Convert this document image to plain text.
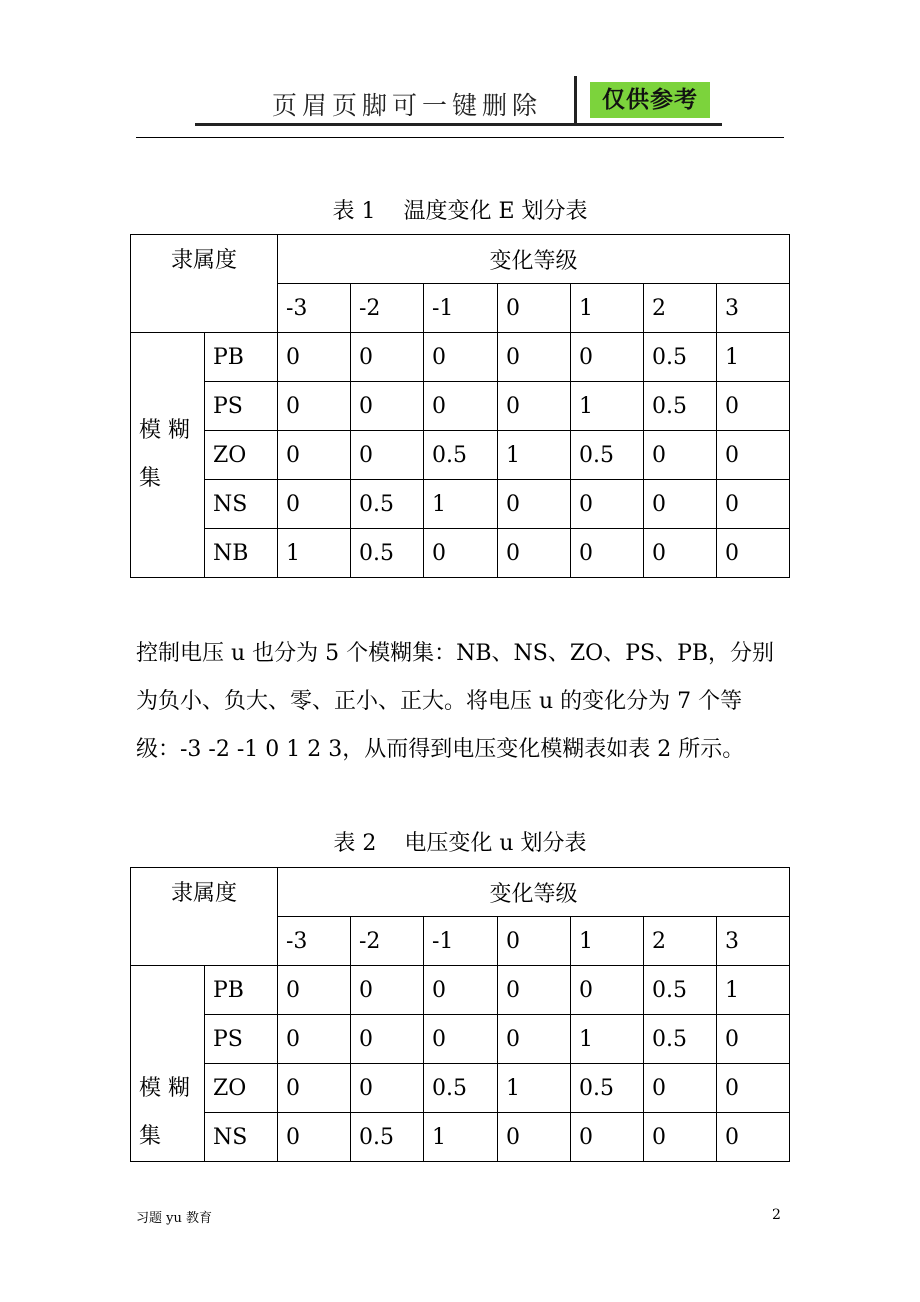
页眉页脚可一键删除	仅供参考
表 1 温度变化 E 划分表
隶属度		变化等级						
		-3	-2	-1	0	1	2	3
模 糊 集	PB	0	0	0	0	0	0.5	1
	PS	0	0	0	0	1	0.5	0
	ZO	0	0	0.5	1	0.5	0	0
	NS	0	0.5	1	0	0	0	0
	NB	1	0.5	0	0	0	0	0
控制电压 u 也分为 5 个模糊集：NB、NS、ZO、PS、PB，分别为负小、负大、零、正小、正大。将电压 u 的变化分为 7 个等级：-3 -2 -1 0 1 2 3，从而得到电压变化模糊表如表 2 所示。
表 2 电压变化 u 划分表
隶属度		变化等级						
		-3	-2	-1	0	1	2	3
模 糊 集	PB	0	0	0	0	0	0.5	1
	PS	0	0	0	0	1	0.5	0
	ZO	0	0	0.5	1	0.5	0	0
	NS	0	0.5	1	0	0	0	0
习题 yu 教育	2
